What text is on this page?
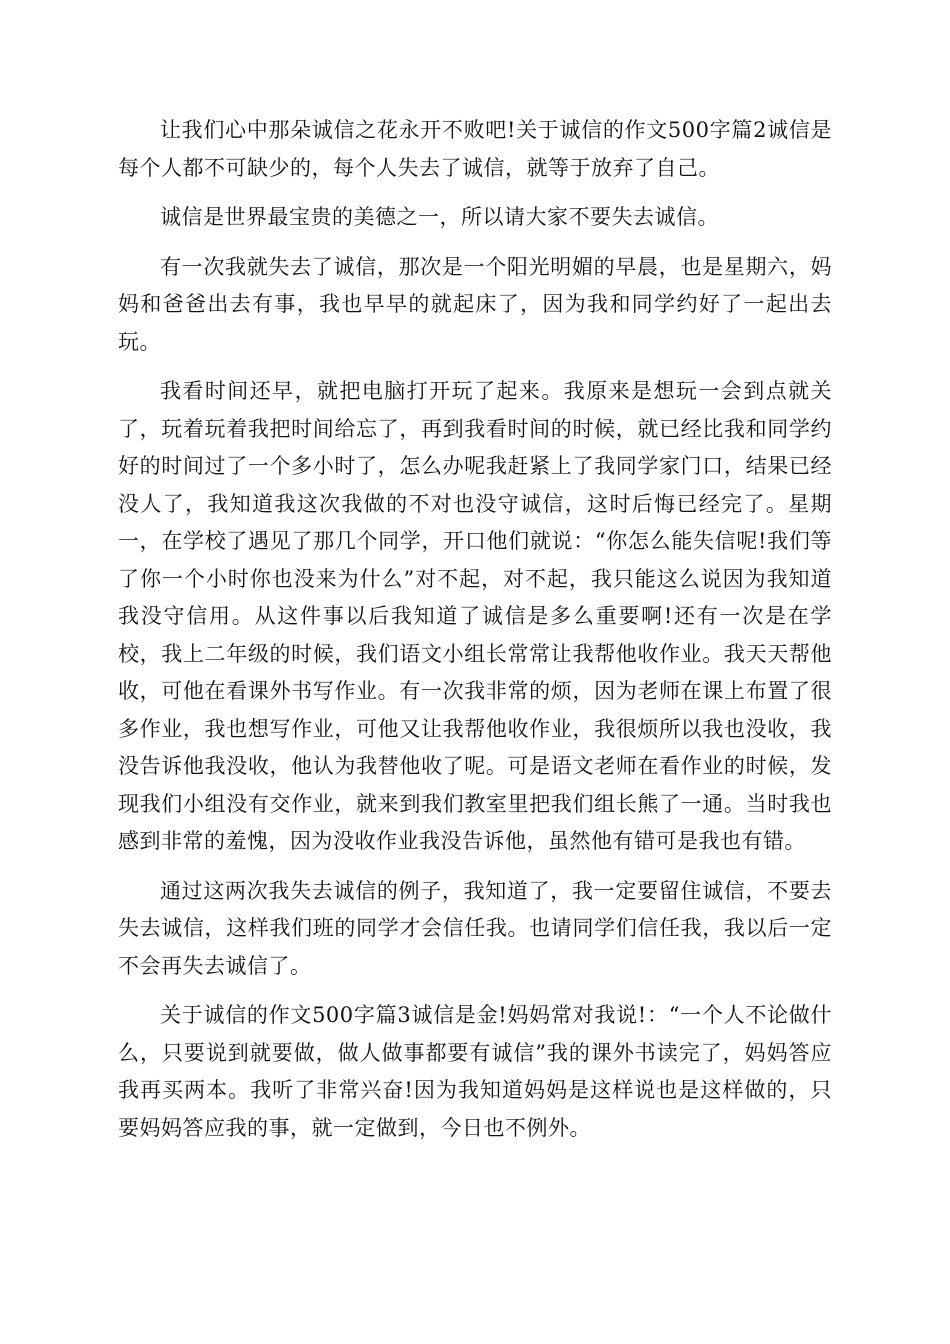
让我们心中那朵诚信之花永开不败吧!关于诚信的作文500字篇2诚信是每个人都不可缺少的，每个人失去了诚信，就等于放弃了自己。

诚信是世界最宝贵的美德之一，所以请大家不要失去诚信。

有一次我就失去了诚信，那次是一个阳光明媚的早晨，也是星期六，妈妈和爸爸出去有事，我也早早的就起床了，因为我和同学约好了一起出去玩。

我看时间还早，就把电脑打开玩了起来。我原来是想玩一会到点就关了，玩着玩着我把时间给忘了，再到我看时间的时候，就已经比我和同学约好的时间过了一个多小时了，怎么办呢我赶紧上了我同学家门口，结果已经没人了，我知道我这次我做的不对也没守诚信，这时后悔已经完了。星期一，在学校了遇见了那几个同学，开口他们就说：“你怎么能失信呢!我们等了你一个小时你也没来为什么”对不起，对不起，我只能这么说因为我知道我没守信用。从这件事以后我知道了诚信是多么重要啊!还有一次是在学校，我上二年级的时候，我们语文小组长常常让我帮他收作业。我天天帮他收，可他在看课外书写作业。有一次我非常的烦，因为老师在课上布置了很多作业，我也想写作业，可他又让我帮他收作业，我很烦所以我也没收，我没告诉他我没收，他认为我替他收了呢。可是语文老师在看作业的时候，发现我们小组没有交作业，就来到我们教室里把我们组长熊了一通。当时我也感到非常的羞愧，因为没收作业我没告诉他，虽然他有错可是我也有错。

通过这两次我失去诚信的例子，我知道了，我一定要留住诚信，不要去失去诚信，这样我们班的同学才会信任我。也请同学们信任我，我以后一定不会再失去诚信了。

关于诚信的作文500字篇3诚信是金!妈妈常对我说!：“一个人不论做什么，只要说到就要做，做人做事都要有诚信”我的课外书读完了，妈妈答应我再买两本。我听了非常兴奋!因为我知道妈妈是这样说也是这样做的，只要妈妈答应我的事，就一定做到，今日也不例外。
